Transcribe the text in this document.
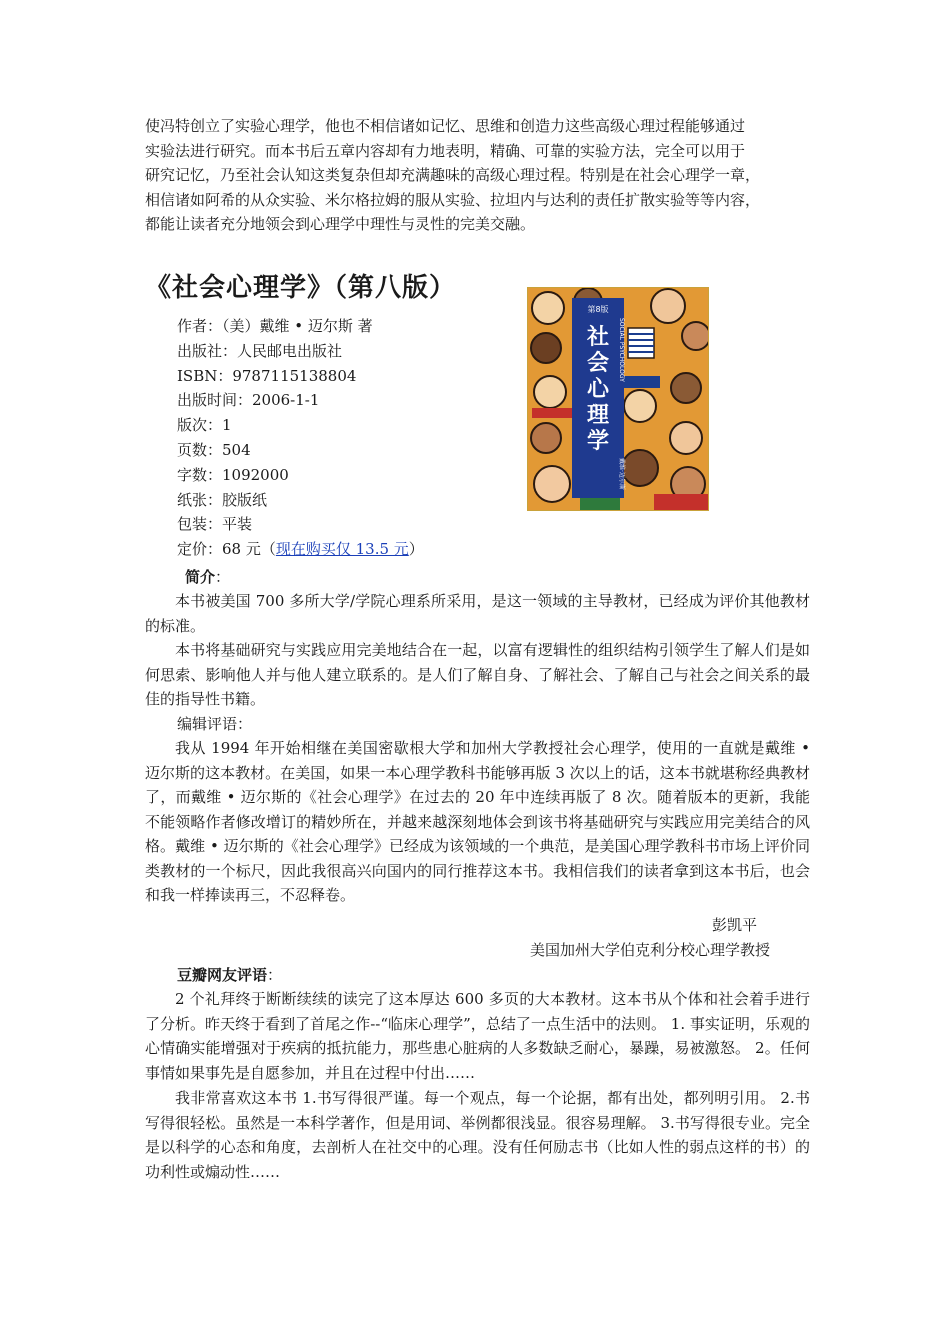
使冯特创立了实验心理学，他也不相信诸如记忆、思维和创造力这些高级心理过程能够通过
实验法进行研究。而本书后五章内容却有力地表明，精确、可靠的实验方法，完全可以用于
研究记忆，乃至社会认知这类复杂但却充满趣味的高级心理过程。特别是在社会心理学一章，
相信诸如阿希的从众实验、米尔格拉姆的服从实验、拉坦内与达利的责任扩散实验等等内容，
都能让读者充分地领会到心理学中理性与灵性的完美交融。
《社会心理学》（第八版）
作者：（美）戴维 • 迈尔斯 著
出版社：人民邮电出版社
ISBN：9787115138804
出版时间：2006-1-1
版次：1
页数：504
字数：1092000
纸张：胶版纸
包装：平装
定价：68 元（现在购买仅 13.5 元）
第8版
社
会
心
理
学
SOCIAL PSYCHOLOGY
戴维·迈尔斯

简介：

本书被美国 700 多所大学/学院心理系所采用，是这一领域的主导教材，已经成为评价其他教材的标准。

本书将基础研究与实践应用完美地结合在一起，以富有逻辑性的组织结构引领学生了解人们是如何思索、影响他人并与他人建立联系的。是人们了解自身、了解社会、了解自己与社会之间关系的最佳的指导性书籍。

编辑评语：

我从 1994 年开始相继在美国密歇根大学和加州大学教授社会心理学，使用的一直就是戴维 • 迈尔斯的这本教材。在美国，如果一本心理学教科书能够再版 3 次以上的话，这本书就堪称经典教材了，而戴维 • 迈尔斯的《社会心理学》在过去的 20 年中连续再版了 8 次。随着版本的更新，我能不能领略作者修改增订的精妙所在，并越来越深刻地体会到该书将基础研究与实践应用完美结合的风格。戴维 • 迈尔斯的《社会心理学》已经成为该领域的一个典范，是美国心理学教科书市场上评价同类教材的一个标尺，因此我很高兴向国内的同行推荐这本书。我相信我们的读者拿到这本书后，也会和我一样捧读再三，不忍释卷。

彭凯平

美国加州大学伯克利分校心理学教授

豆瓣网友评语：

2 个礼拜终于断断续续的读完了这本厚达 600 多页的大本教材。这本书从个体和社会着手进行了分析。昨天终于看到了首尾之作--“临床心理学”，总结了一点生活中的法则。 1. 事实证明，乐观的心情确实能增强对于疾病的抵抗能力，那些患心脏病的人多数缺乏耐心，暴躁，易被激怒。 2。任何事情如果事先是自愿参加，并且在过程中付出……

我非常喜欢这本书 1.书写得很严谨。每一个观点，每一个论据，都有出处，都列明引用。 2.书写得很轻松。虽然是一本科学著作，但是用词、举例都很浅显。很容易理解。 3.书写得很专业。完全是以科学的心态和角度，去剖析人在社交中的心理。没有任何励志书（比如人性的弱点这样的书）的功利性或煽动性……
